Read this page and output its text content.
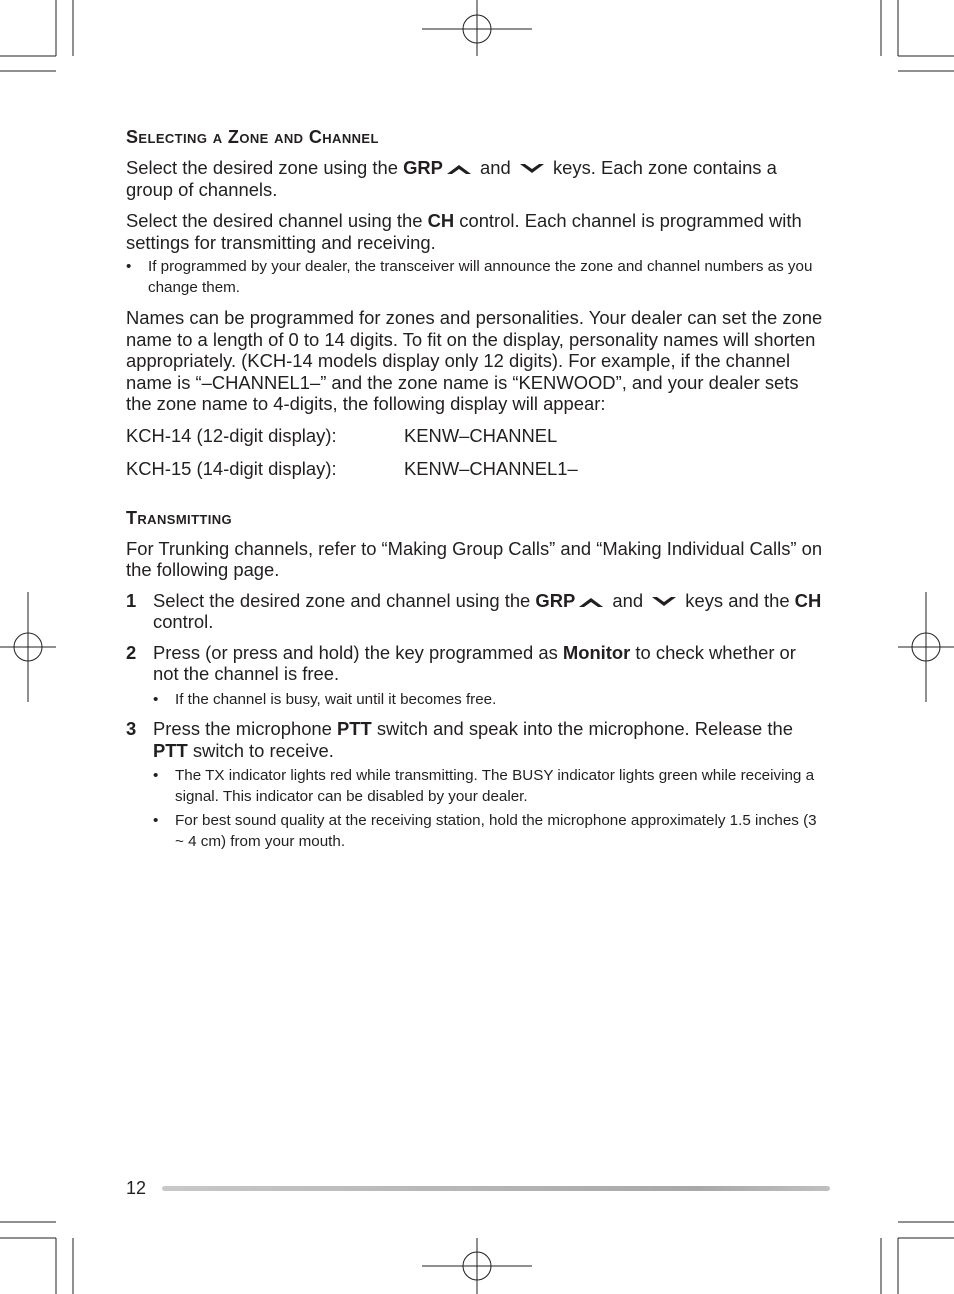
Selecting a Zone and Channel

Select the desired zone using the GRP and  keys. Each zone contains a group of channels.

Select the desired channel using the CH control. Each channel is programmed with settings for transmitting and receiving.

• If programmed by your dealer, the transceiver will announce the zone and channel numbers as you change them.

Names can be programmed for zones and personalities. Your dealer can set the zone name to a length of 0 to 14 digits. To fit on the display, personality names will shorten appropriately. (KCH-14 models display only 12 digits). For example, if the channel name is “–CHANNEL1–” and the zone name is “KENWOOD”, and your dealer sets the zone name to 4-digits, the following display will appear:

KCH-14 (12-digit display):	KENW–CHANNEL
KCH-15 (14-digit display):	KENW–CHANNEL1–
Transmitting

For Trunking channels, refer to “Making Group Calls” and “Making Individual Calls” on the following page.

1 Select the desired zone and channel using the GRP and  keys and the CH control.
2 Press (or press and hold) the key programmed as Monitor to check whether or not the channel is free.
• If the channel is busy, wait until it becomes free.
3 Press the microphone PTT switch and speak into the microphone. Release the PTT switch to receive.
• The TX indicator lights red while transmitting. The BUSY indicator lights green while receiving a signal. This indicator can be disabled by your dealer.
• For best sound quality at the receiving station, hold the microphone approximately 1.5 inches (3 ~ 4 cm) from your mouth.
12
